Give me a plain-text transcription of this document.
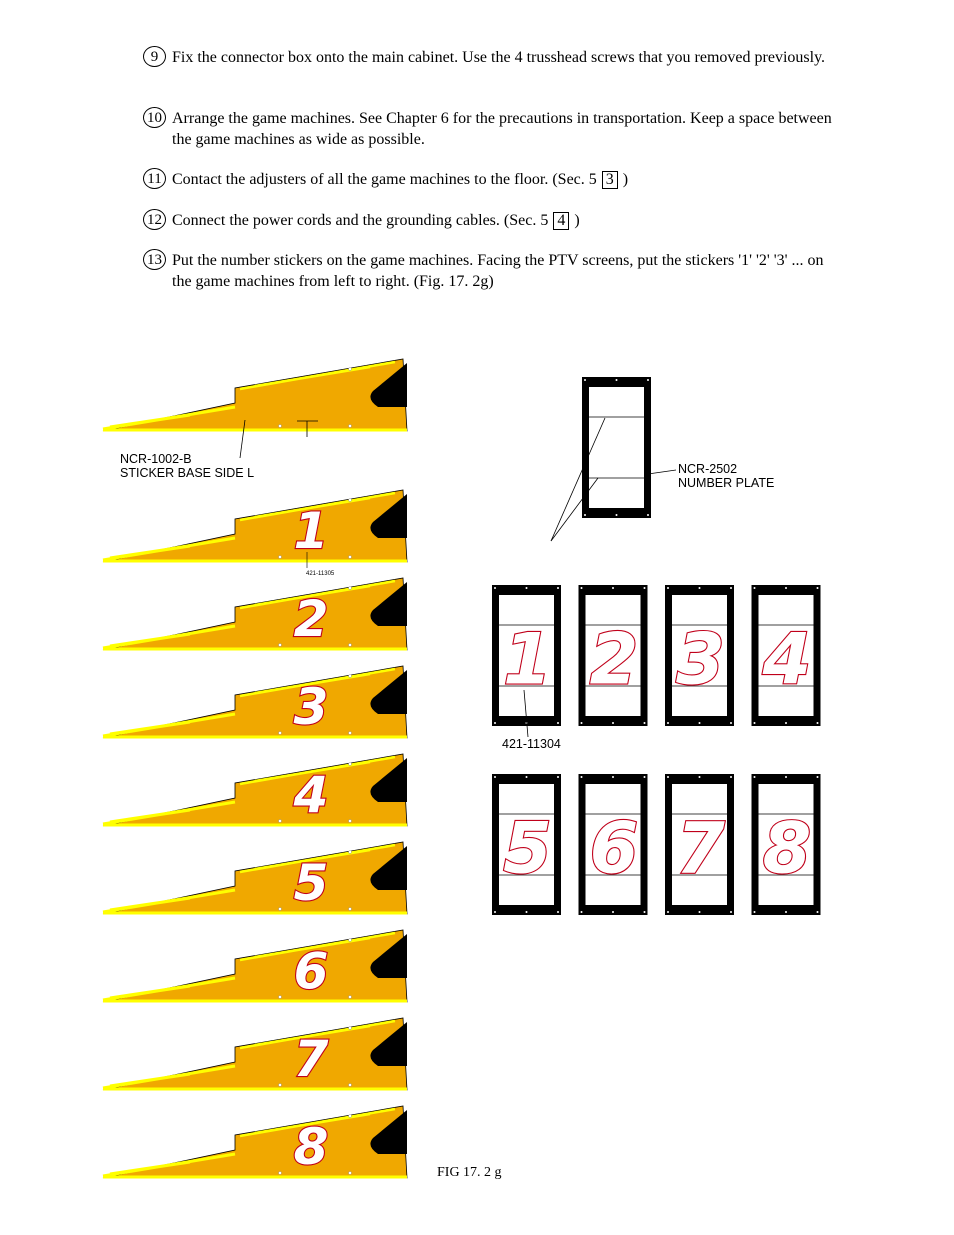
9 Fix the connector box onto the main cabinet. Use the 4 trusshead screws that you removed previously.
10 Arrange the game machines. See Chapter 6 for the precautions in transportation. Keep a space between the game machines as wide as possible.
11 Contact the adjusters of all the game machines to the floor. (Sec. 5 3 )
12 Connect the power cords and the grounding cables. (Sec. 5 4 )
13 Put the number stickers on the game machines. Facing the PTV screens, put the stickers '1' '2' '3' ... on the game machines from left to right. (Fig. 17. 2g)
1
2
3
4
5
6
7
8
1 2 3 4
5 6 7 8
NCR-1002-B
STICKER BASE SIDE L
421-11305
NCR-2502
NUMBER PLATE
421-11304
FIG 17. 2 g
